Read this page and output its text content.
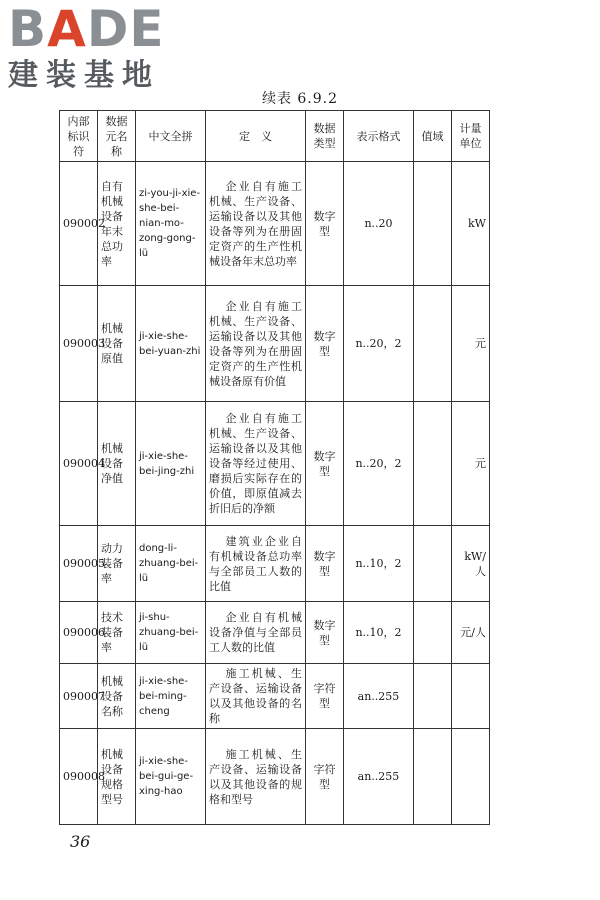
BADE
建装基地
续表 6.9.2
内部标识符	数据元名称	中文全拼	定　义	数据类型	表示格式	值域	计量单位
090002	自有机械设备年末总功率	zi-you-ji-xie-she-bei-nian-mo-zong-gong-lü	企业自有施工机械、生产设备、运输设备以及其他设备等列为在册固定资产的生产性机械设备年末总功率	数字型	n..20		kW
090003	机械设备原值	ji-xie-she-bei-yuan-zhi	企业自有施工机械、生产设备、运输设备以及其他设备等列为在册固定资产的生产性机械设备原有价值	数字型	n..20，2		元
090004	机械设备净值	ji-xie-she-bei-jing-zhi	企业自有施工机械、生产设备、运输设备以及其他设备等经过使用、磨损后实际存在的价值，即原值减去折旧后的净额	数字型	n..20，2		元
090005	动力装备率	dong-li-zhuang-bei-lü	建筑业企业自有机械设备总功率与全部员工人数的比值	数字型	n..10，2		kW/人
090006	技术装备率	ji-shu-zhuang-bei-lü	企业自有机械设备净值与全部员工人数的比值	数字型	n..10，2		元/人
090007	机械设备名称	ji-xie-she-bei-ming-cheng	施工机械、生产设备、运输设备以及其他设备的名称	字符型	an..255		
090008	机械设备规格型号	ji-xie-she-bei-gui-ge-xing-hao	施工机械、生产设备、运输设备以及其他设备的规格和型号	字符型	an..255		
36
